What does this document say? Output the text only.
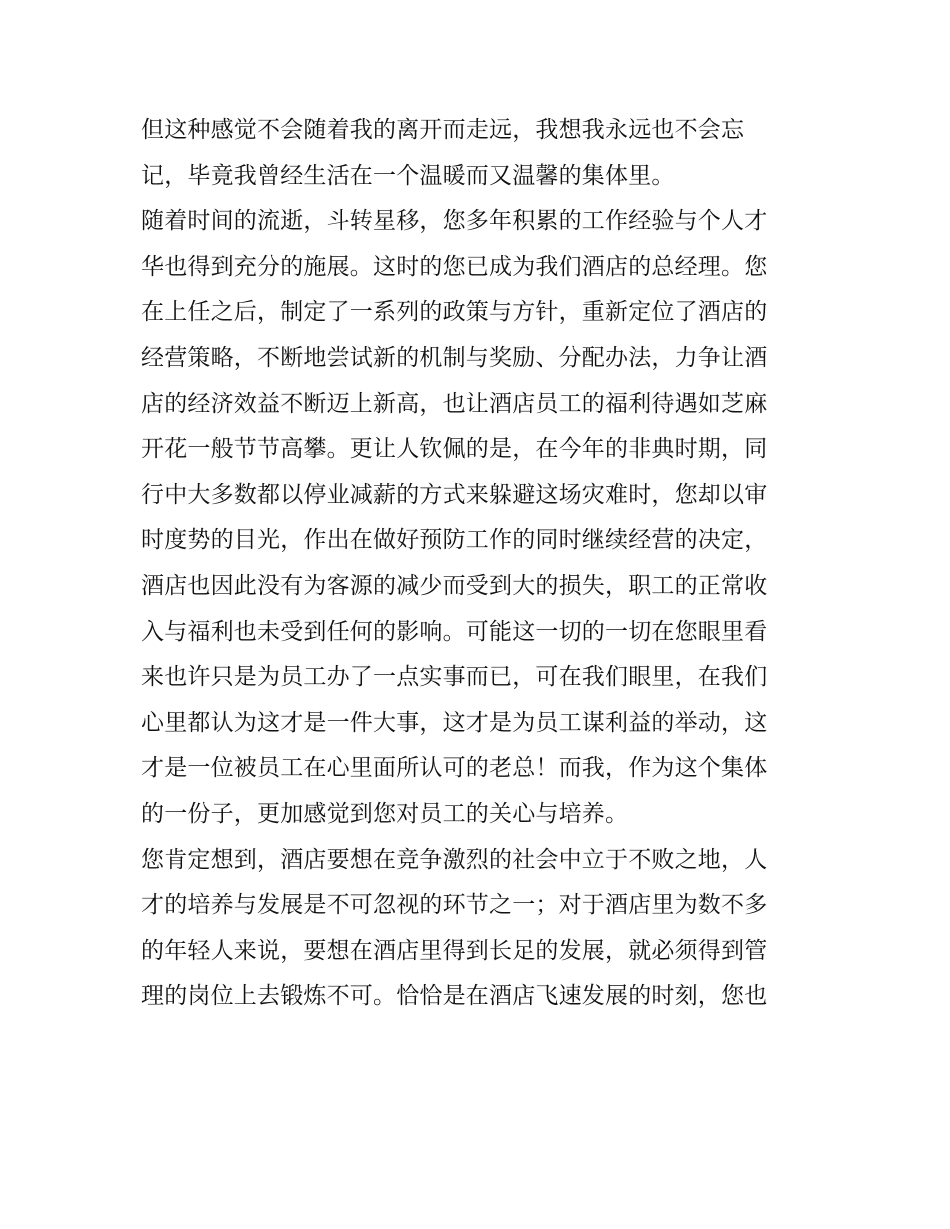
但这种感觉不会随着我的离开而走远，我想我永远也不会忘
记，毕竟我曾经生活在一个温暖而又温馨的集体里。
随着时间的流逝，斗转星移，您多年积累的工作经验与个人才
华也得到充分的施展。这时的您已成为我们酒店的总经理。您
在上任之后，制定了一系列的政策与方针，重新定位了酒店的
经营策略，不断地尝试新的机制与奖励、分配办法，力争让酒
店的经济效益不断迈上新高，也让酒店员工的福利待遇如芝麻
开花一般节节高攀。更让人钦佩的是，在今年的非典时期，同
行中大多数都以停业减薪的方式来躲避这场灾难时，您却以审
时度势的目光，作出在做好预防工作的同时继续经营的决定，
酒店也因此没有为客源的减少而受到大的损失，职工的正常收
入与福利也未受到任何的影响。可能这一切的一切在您眼里看
来也许只是为员工办了一点实事而已，可在我们眼里，在我们
心里都认为这才是一件大事，这才是为员工谋利益的举动，这
才是一位被员工在心里面所认可的老总！而我，作为这个集体
的一份子，更加感觉到您对员工的关心与培养。
您肯定想到，酒店要想在竞争激烈的社会中立于不败之地，人
才的培养与发展是不可忽视的环节之一；对于酒店里为数不多
的年轻人来说，要想在酒店里得到长足的发展，就必须得到管
理的岗位上去锻炼不可。恰恰是在酒店飞速发展的时刻，您也
